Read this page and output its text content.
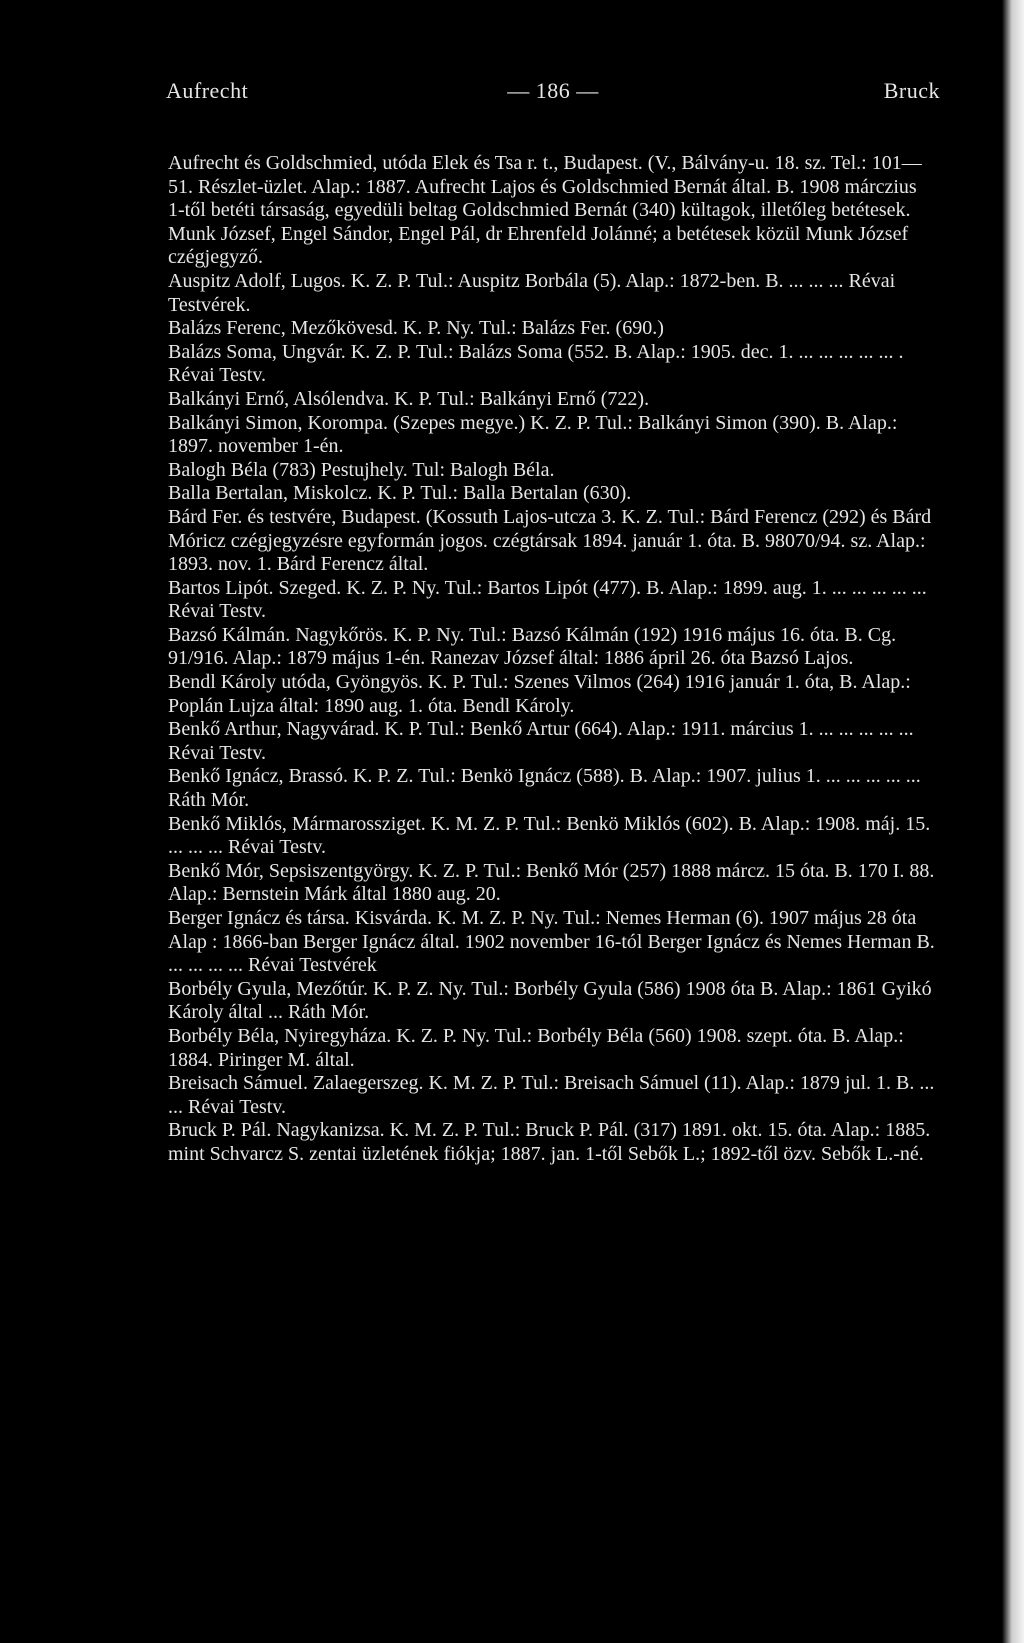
Aufrecht	— 186 —	Bruck

Aufrecht és Goldschmied, utóda Elek és Tsa r. t., Budapest. (V., Bálvány-u. 18. sz. Tel.: 101—51. Részlet-üzlet. Alap.: 1887. Aufrecht Lajos és Goldschmied Bernát által. B. 1908 márczius 1-től betéti társaság, egyedüli beltag Goldschmied Bernát (340) kültagok, illetőleg betétesek. Munk József, Engel Sándor, Engel Pál, dr Ehrenfeld Jolánné; a betétesek közül Munk József czégjegyző.

Auspitz Adolf, Lugos. K. Z. P. Tul.: Auspitz Borbála (5). Alap.: 1872-ben. B. ... ... ... Révai Testvérek.

Balázs Ferenc, Mezőkövesd. K. P. Ny. Tul.: Balázs Fer. (690.)

Balázs Soma, Ungvár. K. Z. P. Tul.: Balázs Soma (552. B. Alap.: 1905. dec. 1. ... ... ... ... ... . Révai Testv.

Balkányi Ernő, Alsólendva. K. P. Tul.: Balkányi Ernő (722).

Balkányi Simon, Korompa. (Szepes megye.) K. Z. P. Tul.: Balkányi Simon (390). B. Alap.: 1897. november 1-én.

Balogh Béla (783) Pestujhely. Tul: Balogh Béla.

Balla Bertalan, Miskolcz. K. P. Tul.: Balla Bertalan (630).

Bárd Fer. és testvére, Budapest. (Kossuth Lajos-utcza 3. K. Z. Tul.: Bárd Ferencz (292) és Bárd Móricz czégjegyzésre egyformán jogos. czégtársak 1894. január 1. óta. B. 98070/94. sz. Alap.: 1893. nov. 1. Bárd Ferencz által.

Bartos Lipót. Szeged. K. Z. P. Ny. Tul.: Bartos Lipót (477). B. Alap.: 1899. aug. 1. ... ... ... ... ... Révai Testv.

Bazsó Kálmán. Nagykőrös. K. P. Ny. Tul.: Bazsó Kálmán (192) 1916 május 16. óta. B. Cg. 91/916. Alap.: 1879 május 1-én. Ranezav József által: 1886 ápril 26. óta Bazsó Lajos.

Bendl Károly utóda, Gyöngyös. K. P. Tul.: Szenes Vilmos (264) 1916 január 1. óta, B. Alap.: Poplán Lujza által: 1890 aug. 1. óta. Bendl Károly.

Benkő Arthur, Nagyvárad. K. P. Tul.: Benkő Artur (664). Alap.: 1911. március 1. ... ... ... ... ... Révai Testv.

Benkő Ignácz, Brassó. K. P. Z. Tul.: Benkö Ignácz (588). B. Alap.: 1907. julius 1. ... ... ... ... ... Ráth Mór.

Benkő Miklós, Mármarossziget. K. M. Z. P. Tul.: Benkö Miklós (602). B. Alap.: 1908. máj. 15. ... ... ... Révai Testv.

Benkő Mór, Sepsiszentgyörgy. K. Z. P. Tul.: Benkő Mór (257) 1888 márcz. 15 óta. B. 170 I. 88. Alap.: Bernstein Márk által 1880 aug. 20.

Berger Ignácz és társa. Kisvárda. K. M. Z. P. Ny. Tul.: Nemes Herman (6). 1907 május 28 óta Alap : 1866-ban Berger Ignácz által. 1902 november 16-tól Berger Ignácz és Nemes Herman B. ... ... ... ... Révai Testvérek

Borbély Gyula, Mezőtúr. K. P. Z. Ny. Tul.: Borbély Gyula (586) 1908 óta B. Alap.: 1861 Gyikó Károly által ... Ráth Mór.

Borbély Béla, Nyiregyháza. K. Z. P. Ny. Tul.: Borbély Béla (560) 1908. szept. óta. B. Alap.: 1884. Piringer M. által.

Breisach Sámuel. Zalaegerszeg. K. M. Z. P. Tul.: Breisach Sámuel (11). Alap.: 1879 jul. 1. B. ... ... Révai Testv.

Bruck P. Pál. Nagykanizsa. K. M. Z. P. Tul.: Bruck P. Pál. (317) 1891. okt. 15. óta. Alap.: 1885. mint Schvarcz S. zentai üzletének fiókja; 1887. jan. 1-től Sebők L.; 1892-től özv. Sebők L.-né.
